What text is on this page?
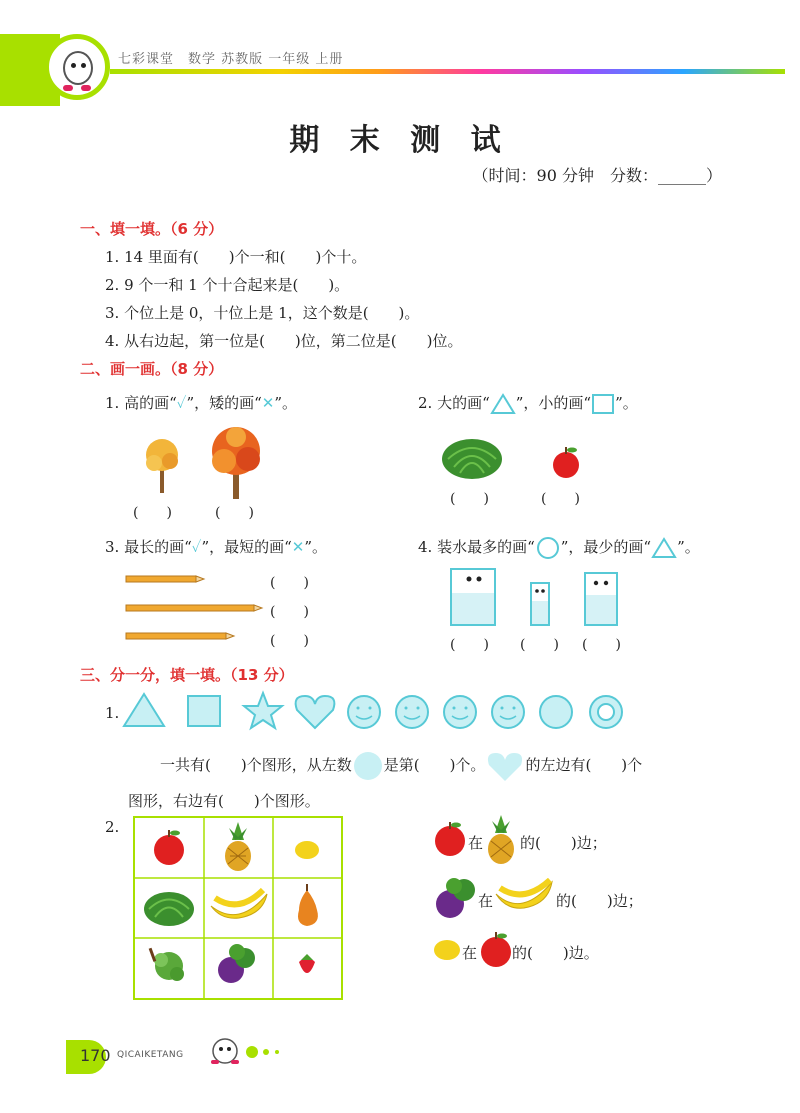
七彩课堂　数学 苏教版 一年级 上册
期 末 测 试
（时间：90 分钟　分数：______）
一、填一填。（6 分）
1. 14 里面有(　　)个一和(　　)个十。
2. 9 个一和 1 个十合起来是(　　)。
3. 个位上是 0，十位上是 1，这个数是(　　)。
4. 从右边起，第一位是(　　)位，第二位是(　　)位。
二、画一画。（8 分）
1. 高的画“✓”，矮的画“✕”。
(　　)	(　　)
2. 大的画“ ”，小的画“ ”。
(　　)	(　　)
3. 最长的画“✓”，最短的画“✕”。
(　　)
(　　)
(　　)
4. 装水最多的画“ ”，最少的画“ ”。
(　　) (　　) (　　)
三、分一分，填一填。（13 分）
1.
一共有(　　)个图形，从左数 是第(　　)个。	的左边有(　　)个
图形，右边有(　　)个图形。
2.
在 的(　　)边；
在	的(　　)边；
在 的(　　)边。
170 QICAIKETANG
